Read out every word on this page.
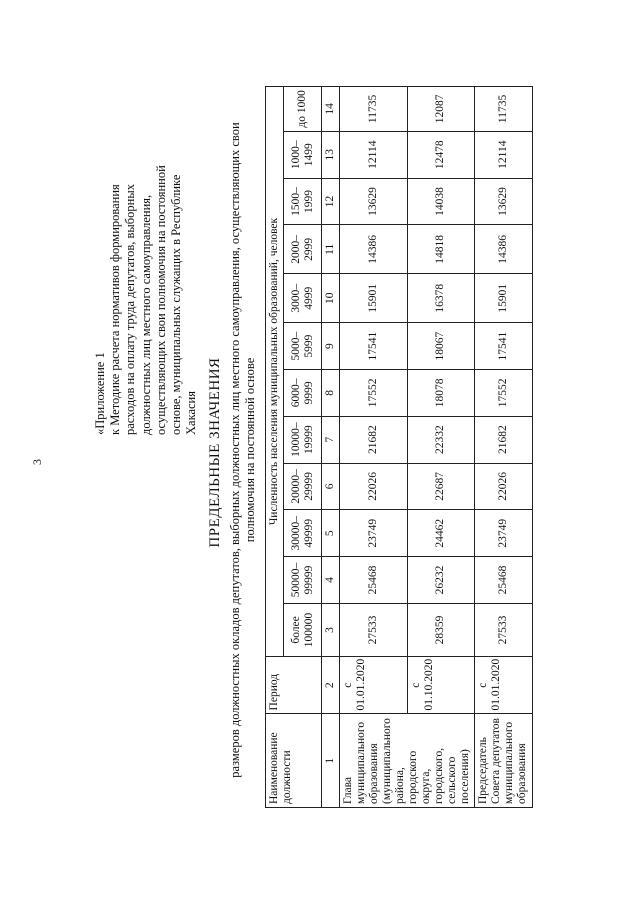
3
«Приложение 1 к Методике расчета нормативов формирования расходов на оплату труда депутатов, выборных должностных лиц местного самоуправления, осуществляющих свои полномочия на постоянной основе, муниципальных служащих в Республике Хакасия ПРЕДЕЛЬНЫЕ ЗНАЧЕНИЯ размеров должностных окладов депутатов, выборных должностных лиц местного самоуправления, осуществляющих свои полномочия на постоянной основе
Наименование должности	Период	Численность населения муниципальных образований, человек											
		более 100000	50000–99999	30000–49999	20000–29999	10000–19999	6000–9999	5000–5999	3000–4999	2000–2999	1500–1999	1000–1499	до 1000
1	2	3	4	5	6	7	8	9	10	11	12	13	14
Глава муниципального образования (муниципального района, городского округа, городского, сельского поселения)	с 01.01.2020	27533	25468	23749	22026	21682	17552	17541	15901	14386	13629	12114	11735
	с 01.10.2020	28359	26232	24462	22687	22332	18078	18067	16378	14818	14038	12478	12087
Председатель Совета депутатов муниципального образования	с 01.01.2020	27533	25468	23749	22026	21682	17552	17541	15901	14386	13629	12114	11735
